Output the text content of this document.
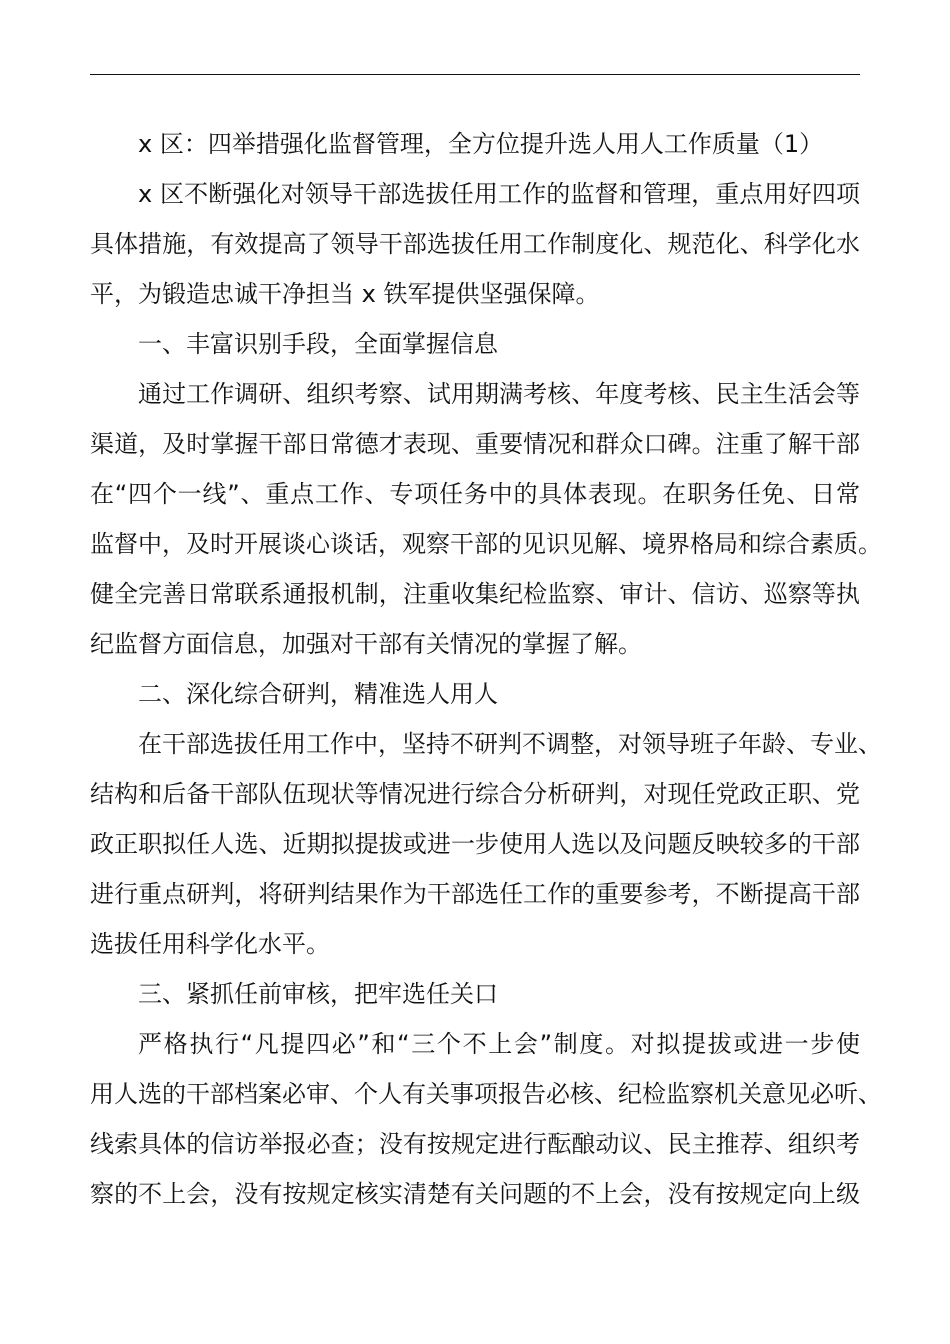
x 区：四举措强化监督管理，全方位提升选人用人工作质量（1）
x 区不断强化对领导干部选拔任用工作的监督和管理，重点用好四项
具体措施，有效提高了领导干部选拔任用工作制度化、规范化、科学化水
平，为锻造忠诚干净担当 x 铁军提供坚强保障。
一、丰富识别手段，全面掌握信息
通过工作调研、组织考察、试用期满考核、年度考核、民主生活会等
渠道，及时掌握干部日常德才表现、重要情况和群众口碑。注重了解干部
在“四个一线”、重点工作、专项任务中的具体表现。在职务任免、日常
监督中，及时开展谈心谈话，观察干部的见识见解、境界格局和综合素质。
健全完善日常联系通报机制，注重收集纪检监察、审计、信访、巡察等执
纪监督方面信息，加强对干部有关情况的掌握了解。
二、深化综合研判，精准选人用人
在干部选拔任用工作中，坚持不研判不调整，对领导班子年龄、专业、
结构和后备干部队伍现状等情况进行综合分析研判，对现任党政正职、党
政正职拟任人选、近期拟提拔或进一步使用人选以及问题反映较多的干部
进行重点研判，将研判结果作为干部选任工作的重要参考，不断提高干部
选拔任用科学化水平。
三、紧抓任前审核，把牢选任关口
严格执行“凡提四必”和“三个不上会”制度。对拟提拔或进一步使
用人选的干部档案必审、个人有关事项报告必核、纪检监察机关意见必听、
线索具体的信访举报必查；没有按规定进行酝酿动议、民主推荐、组织考
察的不上会，没有按规定核实清楚有关问题的不上会，没有按规定向上级
